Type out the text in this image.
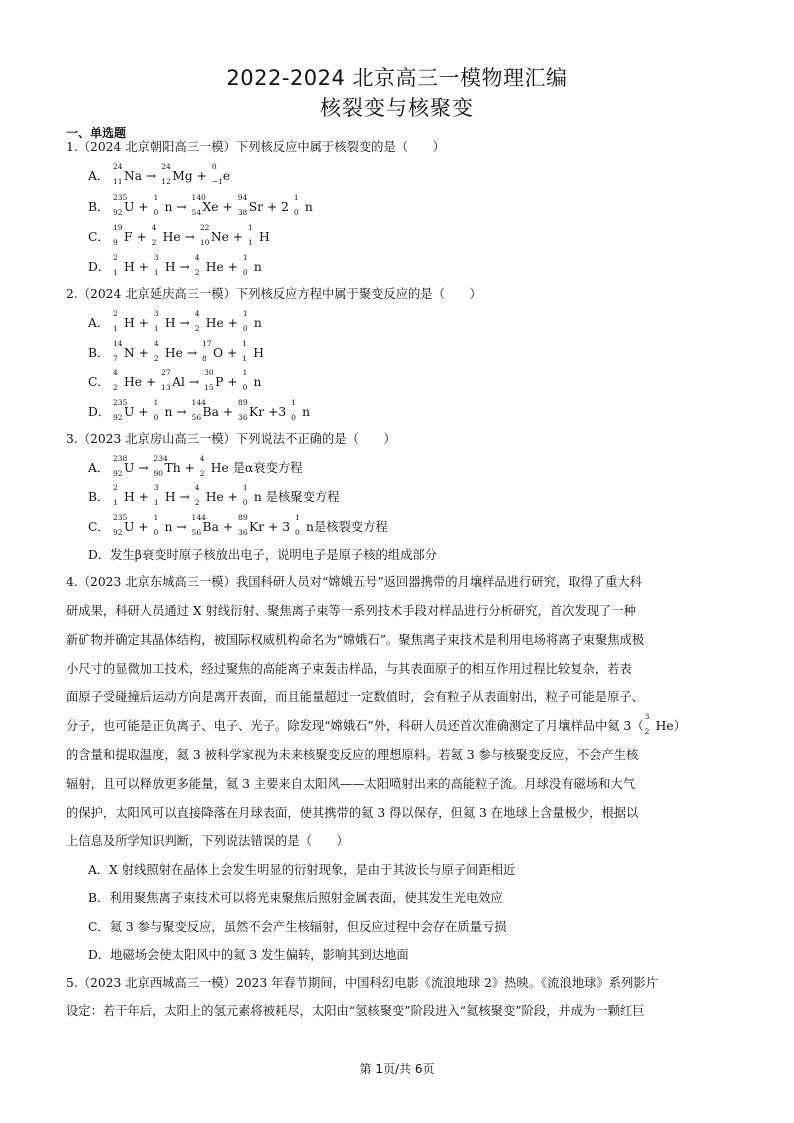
2022-2024 北京高三一模物理汇编
核裂变与核聚变
一、单选题
1.（2024 北京朝阳高三一模）下列核反应中属于核裂变的是（　　）
A．
24
11 Na →
24
12 Mg +
0
−1 e
B．
235
92 U +
1
0 n →
140
54 Xe +
94
38 Sr + 2
1
0 n
C．
19
9 F +
4
2 He →
22
10 Ne +
1
1 H
D．
2
1 H +
3
1 H →
4
2 He +
1
0 n
2.（2024 北京延庆高三一模）下列核反应方程中属于聚变反应的是（　　）
A．
2
1 H +
3
1 H →
4
2 He +
1
0 n
B．
14
7 N +
4
2 He →
17
8 O +
1
1 H
C．
4
2 He +
27
13 Al →
30
15 P +
1
0 n
D．
235
92 U +
1
0 n →
144
56 Ba +
89
36 Kr +3
1
0 n
3.（2023 北京房山高三一模）下列说法不正确的是（　　）
A．
238
92 U →
234
90 Th +
4
2 He 是α衰变方程
B．
2
1 H +
3
1 H →
4
2 He +
1
0 n 是核聚变方程
C．
235
92 U +
1
0 n →
144
56 Ba +
89
36 Kr + 3
1
0 n是核裂变方程
D．发生β衰变时原子核放出电子，说明电子是原子核的组成部分
4.（2023 北京东城高三一模）我国科研人员对“嫦娥五号”返回器携带的月壤样品进行研究，取得了重大科
研成果，科研人员通过 X 射线衍射、聚焦离子束等一系列技术手段对样品进行分析研究，首次发现了一种
新矿物并确定其晶体结构，被国际权威机构命名为“嫦娥石”。聚焦离子束技术是利用电场将离子束聚焦成极
小尺寸的显微加工技术，经过聚焦的高能离子束轰击样品，与其表面原子的相互作用过程比较复杂，若表
面原子受碰撞后运动方向是离开表面，而且能量超过一定数值时，会有粒子从表面射出，粒子可能是原子、
分子，也可能是正负离子、电子、光子。除发现“嫦娥石”外，科研人员还首次准确测定了月壤样品中氦 3（
3
2 He）
的含量和提取温度，氦 3 被科学家视为未来核聚变反应的理想原料。若氦 3 参与核聚变反应，不会产生核
辐射，且可以释放更多能量，氦 3 主要来自太阳风——太阳喷射出来的高能粒子流。月球没有磁场和大气
的保护，太阳风可以直接降落在月球表面，使其携带的氦 3 得以保存，但氦 3 在地球上含量极少，根据以
上信息及所学知识判断，下列说法错误的是（　　）
A．X 射线照射在晶体上会发生明显的衍射现象，是由于其波长与原子间距相近
B．利用聚焦离子束技术可以将光束聚焦后照射金属表面，使其发生光电效应
C．氦 3 参与聚变反应，虽然不会产生核辐射，但反应过程中会存在质量亏损
D．地磁场会使太阳风中的氦 3 发生偏转，影响其到达地面
5.（2023 北京西城高三一模）2023 年春节期间，中国科幻电影《流浪地球 2》热映。《流浪地球》系列影片
设定：若干年后，太阳上的氢元素将被耗尽，太阳由“氢核聚变”阶段进入“氦核聚变”阶段，并成为一颗红巨
第 1页/共 6页
